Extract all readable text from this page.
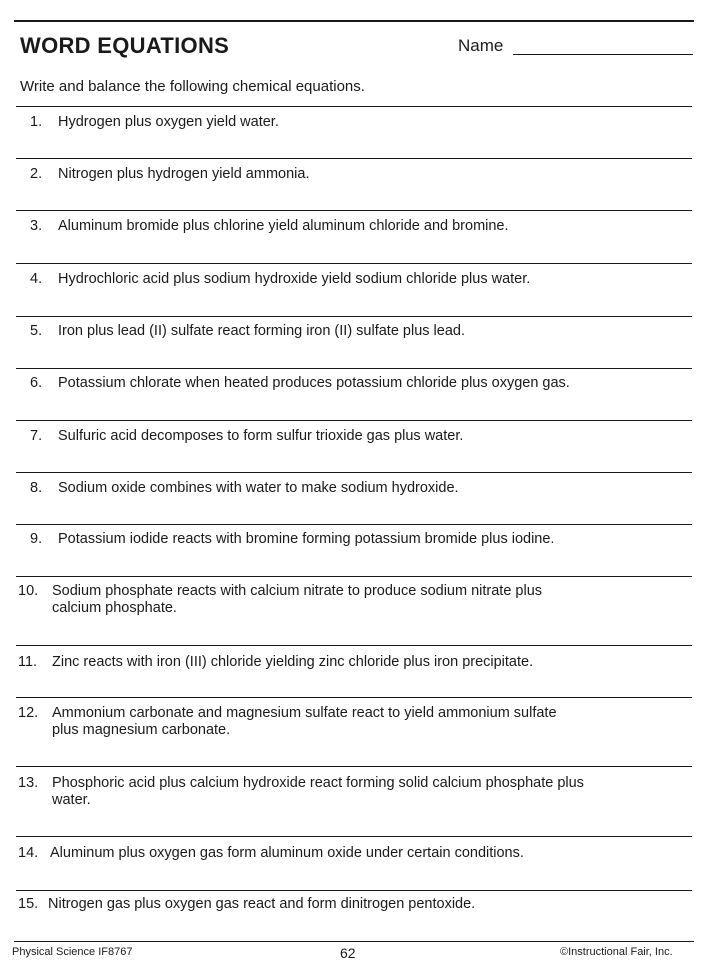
WORD EQUATIONS	Name
Write and balance the following chemical equations.
1. Hydrogen plus oxygen yield water.
2. Nitrogen plus hydrogen yield ammonia.
3. Aluminum bromide plus chlorine yield aluminum chloride and bromine.
4. Hydrochloric acid plus sodium hydroxide yield sodium chloride plus water.
5. Iron plus lead (II) sulfate react forming iron (II) sulfate plus lead.
6. Potassium chlorate when heated produces potassium chloride plus oxygen gas.
7. Sulfuric acid decomposes to form sulfur trioxide gas plus water.
8. Sodium oxide combines with water to make sodium hydroxide.
9. Potassium iodide reacts with bromine forming potassium bromide plus iodine.
10. Sodium phosphate reacts with calcium nitrate to produce sodium nitrate plus
calcium phosphate.
11. Zinc reacts with iron (III) chloride yielding zinc chloride plus iron precipitate.
12. Ammonium carbonate and magnesium sulfate react to yield ammonium sulfate
plus magnesium carbonate.
13. Phosphoric acid plus calcium hydroxide react forming solid calcium phosphate plus
water.
14. Aluminum plus oxygen gas form aluminum oxide under certain conditions.
15. Nitrogen gas plus oxygen gas react and form dinitrogen pentoxide.
Physical Science IF8767	62	©Instructional Fair, Inc.
